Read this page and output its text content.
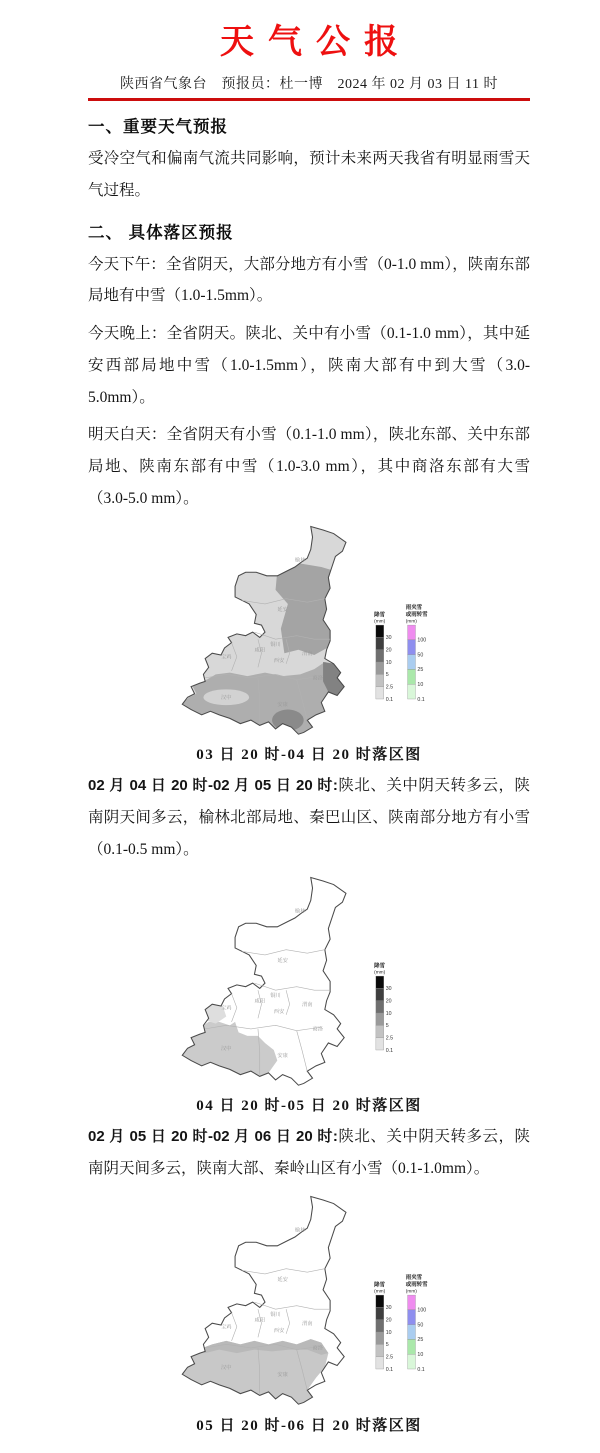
天气公报
陕西省气象台　预报员：杜一博　2024 年 02 月 03 日 11 时
一、重要天气预报

受冷空气和偏南气流共同影响，预计未来两天我省有明显雨雪天气过程。

二、 具体落区预报

今天下午：全省阴天，大部分地方有小雪（0-1.0 mm），陕南东部局地有中雪（1.0-1.5mm）。

今天晚上：全省阴天。陕北、关中有小雪（0.1-1.0 mm），其中延安西部局地中雪（1.0-1.5mm），陕南大部有中到大雪（3.0-5.0mm）。

明天白天：全省阴天有小雪（0.1-1.0 mm），陕北东部、关中东部局地、陕南东部有中雪（1.0-3.0 mm），其中商洛东部有大雪（3.0-5.0 mm）。

降雪
(mm)
30
20
10
5
2.5
0.1
雨夹雪
或雨转雪
(mm)
100
50
25
10
0.1
03 日 20 时-04 日 20 时落区图

02 月 04 日 20 时-02 月 05 日 20 时:陕北、关中阴天转多云，陕南阴天间多云，榆林北部局地、秦巴山区、陕南部分地方有小雪（0.1-0.5 mm）。

降雪
(mm)
30
20
10
5
2.5
0.1
04 日 20 时-05 日 20 时落区图

02 月 05 日 20 时-02 月 06 日 20 时:陕北、关中阴天转多云，陕南阴天间多云，陕南大部、秦岭山区有小雪（0.1-1.0mm）。

降雪
(mm)
30
20
10
5
2.5
0.1
雨夹雪
或雨转雪
(mm)
100
50
25
10
0.1
05 日 20 时-06 日 20 时落区图
